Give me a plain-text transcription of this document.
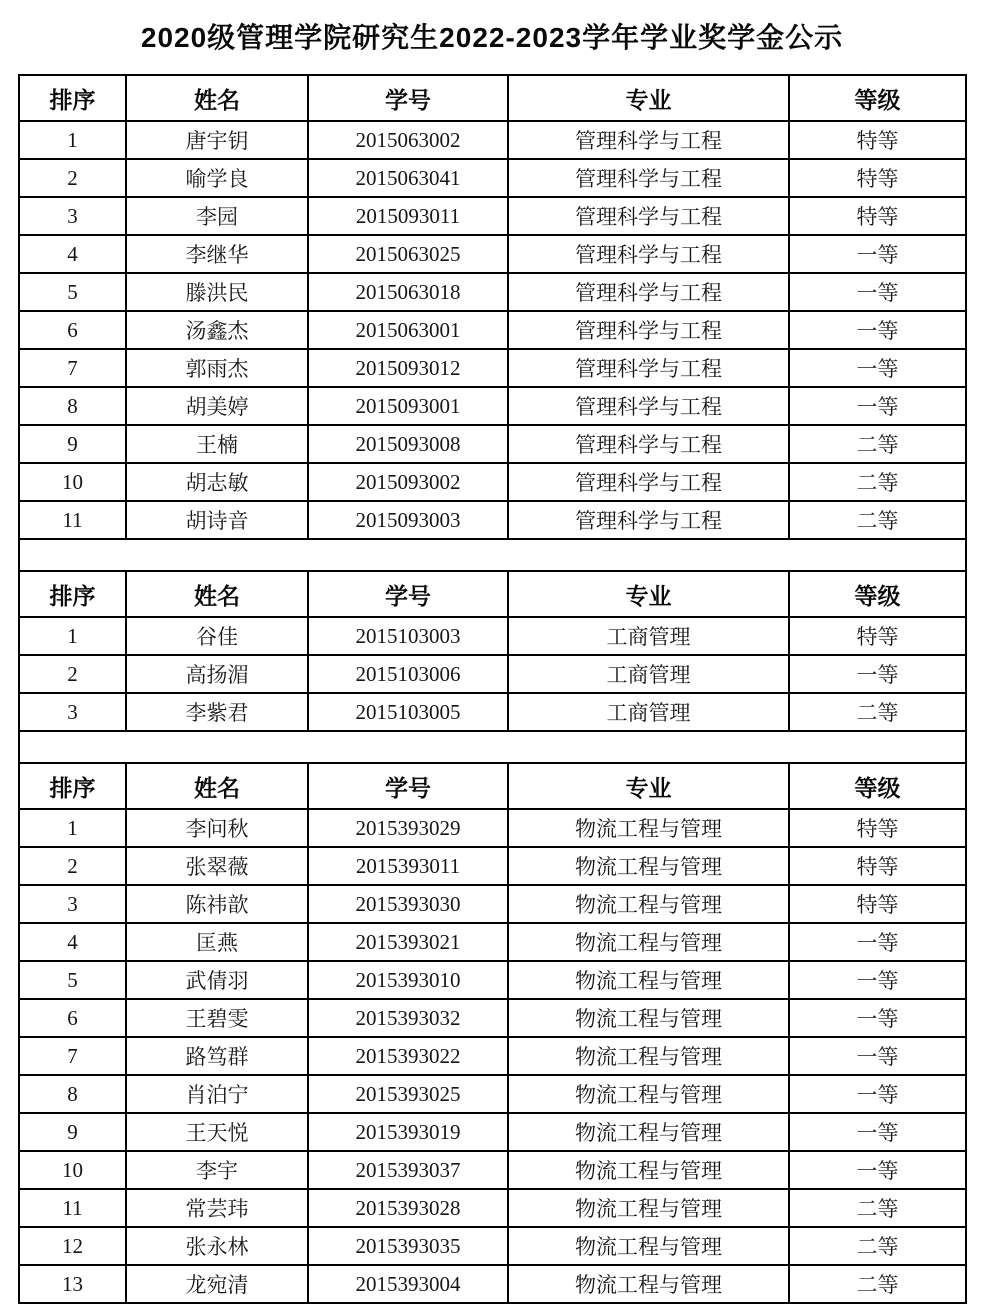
2020级管理学院研究生2022-2023学年学业奖学金公示
排序	姓名	学号	专业	等级
1	唐宇钥	2015063002	管理科学与工程	特等
2	喻学良	2015063041	管理科学与工程	特等
3	李园	2015093011	管理科学与工程	特等
4	李继华	2015063025	管理科学与工程	一等
5	滕洪民	2015063018	管理科学与工程	一等
6	汤鑫杰	2015063001	管理科学与工程	一等
7	郭雨杰	2015093012	管理科学与工程	一等
8	胡美婷	2015093001	管理科学与工程	一等
9	王楠	2015093008	管理科学与工程	二等
10	胡志敏	2015093002	管理科学与工程	二等
11	胡诗音	2015093003	管理科学与工程	二等

排序	姓名	学号	专业	等级
1	谷佳	2015103003	工商管理	特等
2	高扬湄	2015103006	工商管理	一等
3	李紫君	2015103005	工商管理	二等

排序	姓名	学号	专业	等级
1	李问秋	2015393029	物流工程与管理	特等
2	张翠薇	2015393011	物流工程与管理	特等
3	陈祎歆	2015393030	物流工程与管理	特等
4	匡燕	2015393021	物流工程与管理	一等
5	武倩羽	2015393010	物流工程与管理	一等
6	王碧雯	2015393032	物流工程与管理	一等
7	路笃群	2015393022	物流工程与管理	一等
8	肖泊宁	2015393025	物流工程与管理	一等
9	王天悦	2015393019	物流工程与管理	一等
10	李宇	2015393037	物流工程与管理	一等
11	常芸玮	2015393028	物流工程与管理	二等
12	张永林	2015393035	物流工程与管理	二等
13	龙宛清	2015393004	物流工程与管理	二等
